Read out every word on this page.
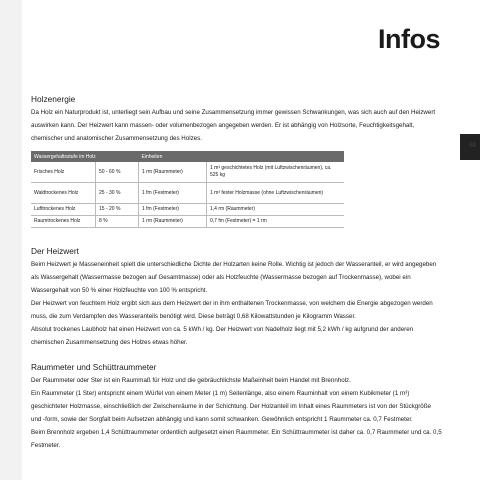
Infos
59
Holzenergie

Da Holz ein Naturprodukt ist, unterliegt sein Aufbau und seine Zusammensetzung immer gewissen Schwankungen, was sich auch auf den Heizwert auswirken kann. Der Heizwert kann massen- oder volumenbezogen angegeben werden. Er ist abhängig von Holzsorte, Feuchtigkeitsgehalt, chemischer und anatomischer Zusammensetzung des Holzes.

Wassergehaltsstufe im Holz		Einheiten	
Frisches Holz	50 - 60 %	1 rm (Raummeter)	1 m³ geschichtetes Holz (mit Luftzwischenräumen), ca. 525 kg
Waldtrockenes Holz	25 - 30 %	1 fm (Festmeter)	1 m³ fester Holzmasse (ohne Luftzwischenräumen)
Lufttrockenes Holz	15 - 20 %	1 fm (Festmeter)	1,4 rm (Raummeter)
Raumtrockenes Holz	8 %	1 rm (Raummeter)	0,7 fm (Festmeter) = 1 rm
Der Heizwert

Beim Heizwert je Masseneinheit spielt die unterschiedliche Dichte der Holzarten keine Rolle. Wichtig ist jedoch der Wasseranteil, er wird angegeben als Wassergehalt (Wassermasse bezogen auf Gesamtmasse) oder als Holzfeuchte (Wassermasse bezogen auf Trockenmasse), wobei ein Wassergehalt von 50 % einer Holzfeuchte von 100 % entspricht.

Der Heizwert von feuchtem Holz ergibt sich aus dem Heizwert der in ihm enthaltenen Trockenmasse, von welchem die Energie abgezogen werden muss, die zum Verdampfen des Wasseranteils benötigt wird. Diese beträgt 0,68 Kilowattstunden je Kilogramm Wasser.

Absolut trockenes Laubholz hat einen Heizwert von ca. 5 kWh / kg. Der Heizwert von Nadelholz liegt mit 5,2 kWh / kg aufgrund der anderen chemischen Zusammensetzung des Holzes etwas höher.

Raummeter und Schüttraummeter

Der Raummeter oder Ster ist ein Raummaß für Holz und die gebräuchlichste Maßeinheit beim Handel mit Brennholz.

Ein Raummeter (1 Ster) entspricht einem Würfel von einem Meter (1 m) Seitenlänge, also einem Rauminhalt von einem Kubikmeter (1 m³) geschichteter Holzmasse, einschließlich der Zwischenräume in der Schichtung. Der Holzanteil im Inhalt eines Raummeters ist von der Stückgröße und -form, sowie der Sorgfalt beim Aufsetzen abhängig und kann somit schwanken. Gewöhnlich entspricht 1 Raummeter ca. 0,7 Festmeter.

Beim Brennholz ergeben 1,4 Schüttraummeter ordentlich aufgesetzt einen Raummeter. Ein Schüttraummeter ist daher ca. 0,7 Raummeter und ca. 0,5 Festmeter.
